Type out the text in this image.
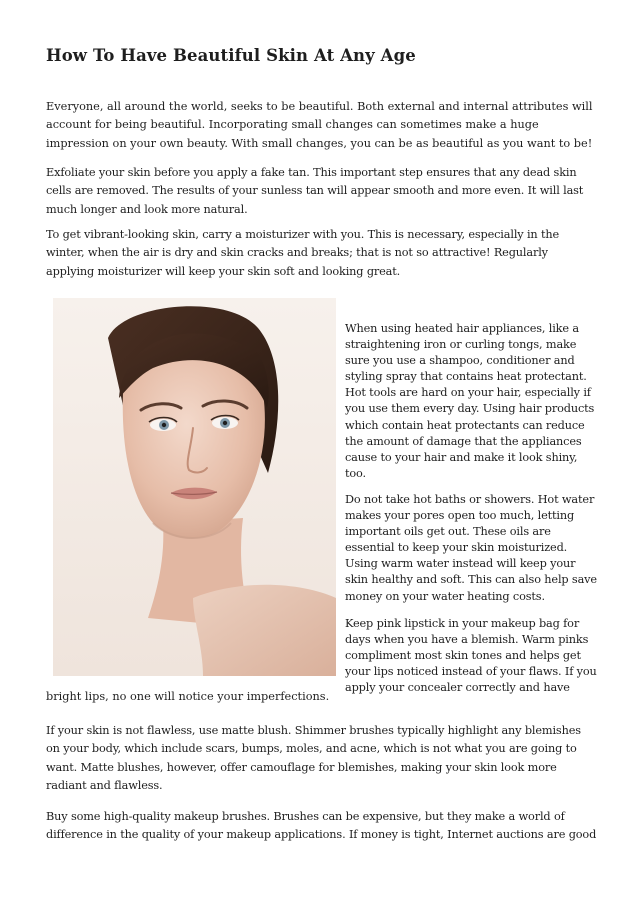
How To Have Beautiful Skin At Any Age

Everyone, all around the world, seeks to be beautiful. Both external and internal attributes will account for being beautiful. Incorporating small changes can sometimes make a huge impression on your own beauty. With small changes, you can be as beautiful as you want to be!

Exfoliate your skin before you apply a fake tan. This important step ensures that any dead skin cells are removed. The results of your sunless tan will appear smooth and more even. It will last much longer and look more natural.

To get vibrant-looking skin, carry a moisturizer with you. This is necessary, especially in the winter, when the air is dry and skin cracks and breaks; that is not so attractive! Regularly applying moisturizer will keep your skin soft and looking great.

When using heated hair appliances, like a straightening iron or curling tongs, make sure you use a shampoo, conditioner and styling spray that contains heat protectant. Hot tools are hard on your hair, especially if you use them every day. Using hair products which contain heat protectants can reduce the amount of damage that the appliances cause to your hair and make it look shiny, too.

Do not take hot baths or showers. Hot water makes your pores open too much, letting important oils get out. These oils are essential to keep your skin moisturized. Using warm water instead will keep your skin healthy and soft. This can also help save money on your water heating costs.

Keep pink lipstick in your makeup bag for days when you have a blemish. Warm pinks compliment most skin tones and helps get your lips noticed instead of your flaws. If you apply your concealer correctly and have

bright lips, no one will notice your imperfections.

If your skin is not flawless, use matte blush. Shimmer brushes typically highlight any blemishes on your body, which include scars, bumps, moles, and acne, which is not what you are going to want. Matte blushes, however, offer camouflage for blemishes, making your skin look more radiant and flawless.

Buy some high-quality makeup brushes. Brushes can be expensive, but they make a world of difference in the quality of your makeup applications. If money is tight, Internet auctions are good
